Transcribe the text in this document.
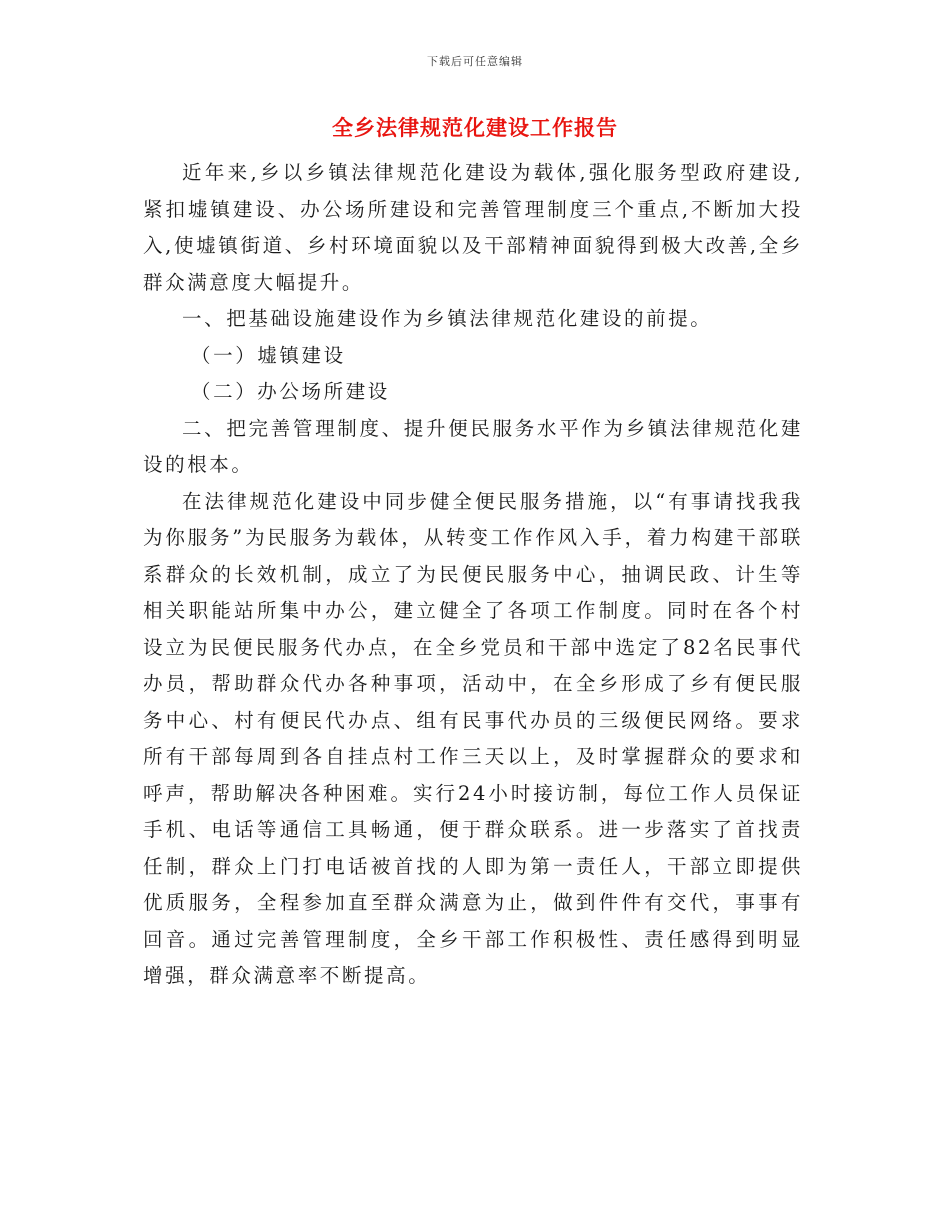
下载后可任意编辑
全乡法律规范化建设工作报告

近年来,乡以乡镇法律规范化建设为载体,强化服务型政府建设,紧扣墟镇建设、办公场所建设和完善管理制度三个重点,不断加大投入,使墟镇街道、乡村环境面貌以及干部精神面貌得到极大改善,全乡群众满意度大幅提升。

一、把基础设施建设作为乡镇法律规范化建设的前提。

（一）墟镇建设

（二）办公场所建设

二、把完善管理制度、提升便民服务水平作为乡镇法律规范化建设的根本。

在法律规范化建设中同步健全便民服务措施，以“有事请找我我为你服务”为民服务为载体，从转变工作作风入手，着力构建干部联系群众的长效机制，成立了为民便民服务中心，抽调民政、计生等相关职能站所集中办公，建立健全了各项工作制度。同时在各个村设立为民便民服务代办点，在全乡党员和干部中选定了82名民事代办员，帮助群众代办各种事项，活动中，在全乡形成了乡有便民服务中心、村有便民代办点、组有民事代办员的三级便民网络。要求所有干部每周到各自挂点村工作三天以上，及时掌握群众的要求和呼声，帮助解决各种困难。实行24小时接访制，每位工作人员保证手机、电话等通信工具畅通，便于群众联系。进一步落实了首找责任制，群众上门打电话被首找的人即为第一责任人，干部立即提供优质服务，全程参加直至群众满意为止，做到件件有交代，事事有回音。通过完善管理制度，全乡干部工作积极性、责任感得到明显增强，群众满意率不断提高。
